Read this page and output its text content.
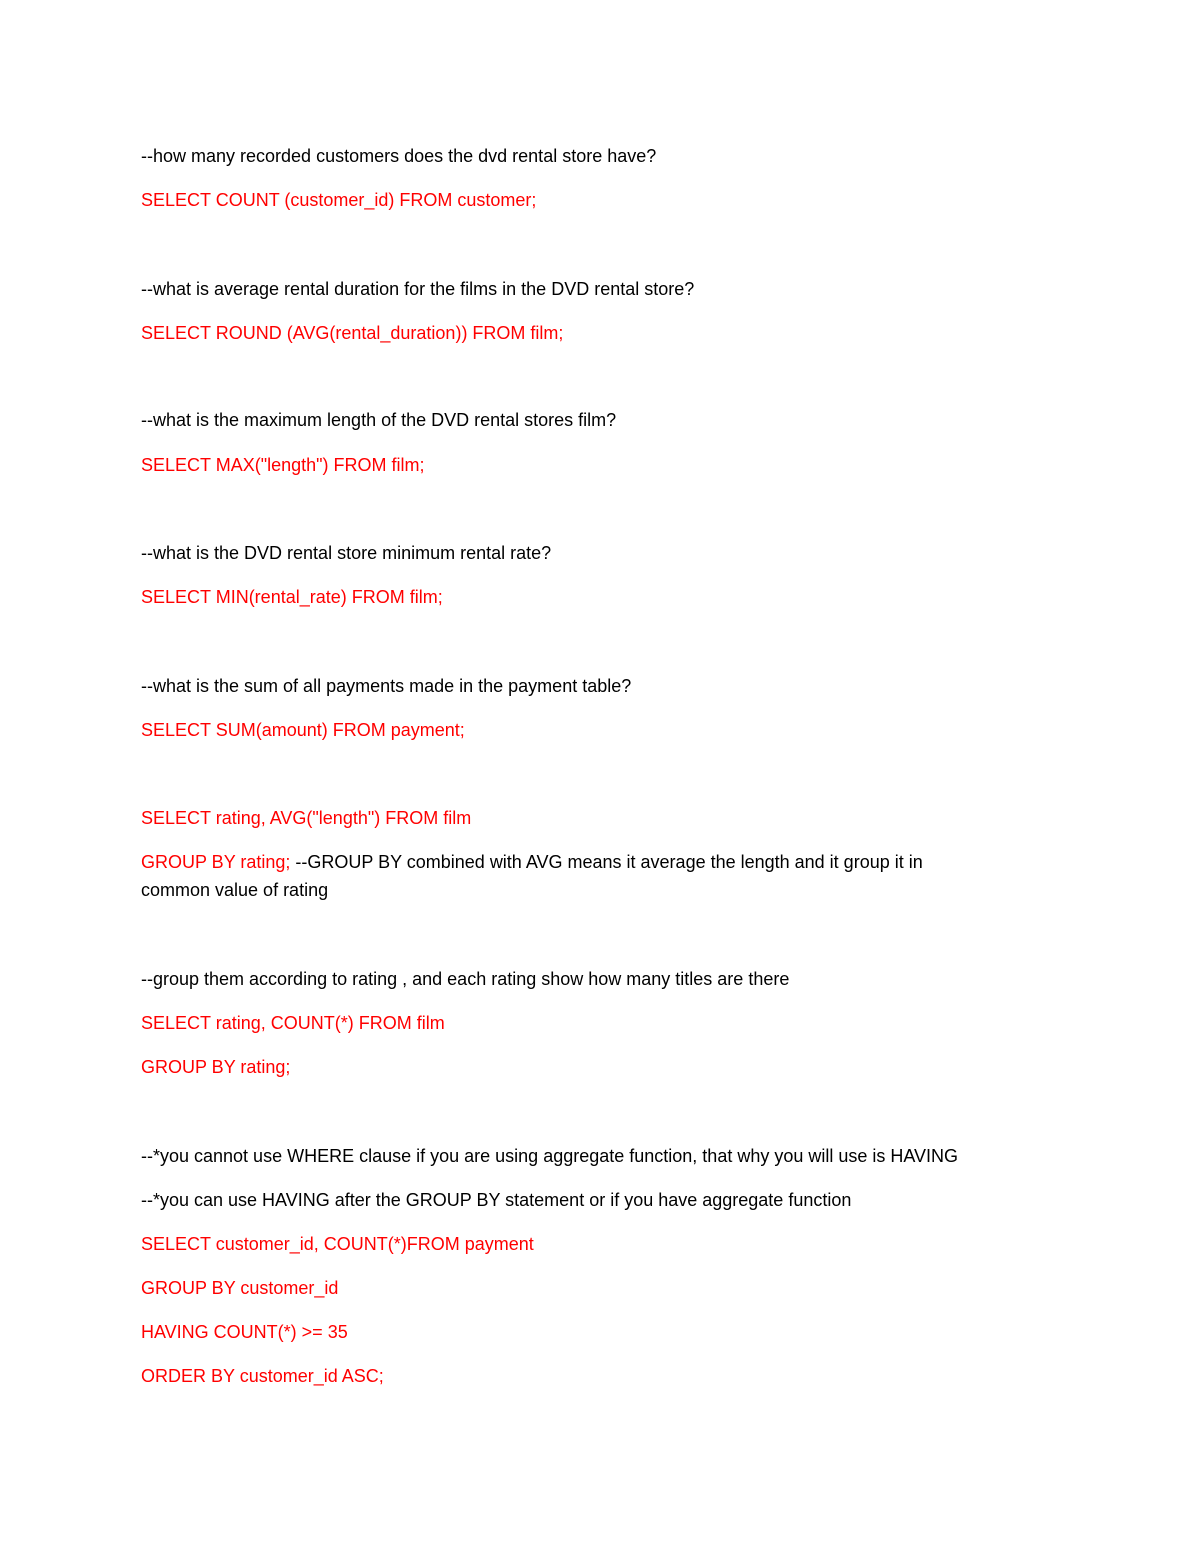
--how many recorded customers does the dvd rental store have?
SELECT COUNT (customer_id) FROM customer;
--what is average rental duration for the films in the DVD rental store?
SELECT ROUND (AVG(rental_duration)) FROM film;
--what is the maximum length of the DVD rental stores film?
SELECT MAX("length") FROM film;
--what is the DVD rental store minimum rental rate?
SELECT MIN(rental_rate) FROM film;
--what is the sum of all payments made in the payment table?
SELECT SUM(amount) FROM payment;
SELECT rating, AVG("length") FROM film
GROUP BY rating; --GROUP BY combined with AVG means it average the length and it group it in
common value of rating
--group them according to rating , and each rating show how many titles are there
SELECT rating, COUNT(*) FROM film
GROUP BY rating;
--*you cannot use WHERE clause if you are using aggregate function, that why you will use is HAVING
--*you can use HAVING after the GROUP BY statement or if you have aggregate function
SELECT customer_id, COUNT(*)FROM payment
GROUP BY customer_id
HAVING COUNT(*) >= 35
ORDER BY customer_id ASC;
